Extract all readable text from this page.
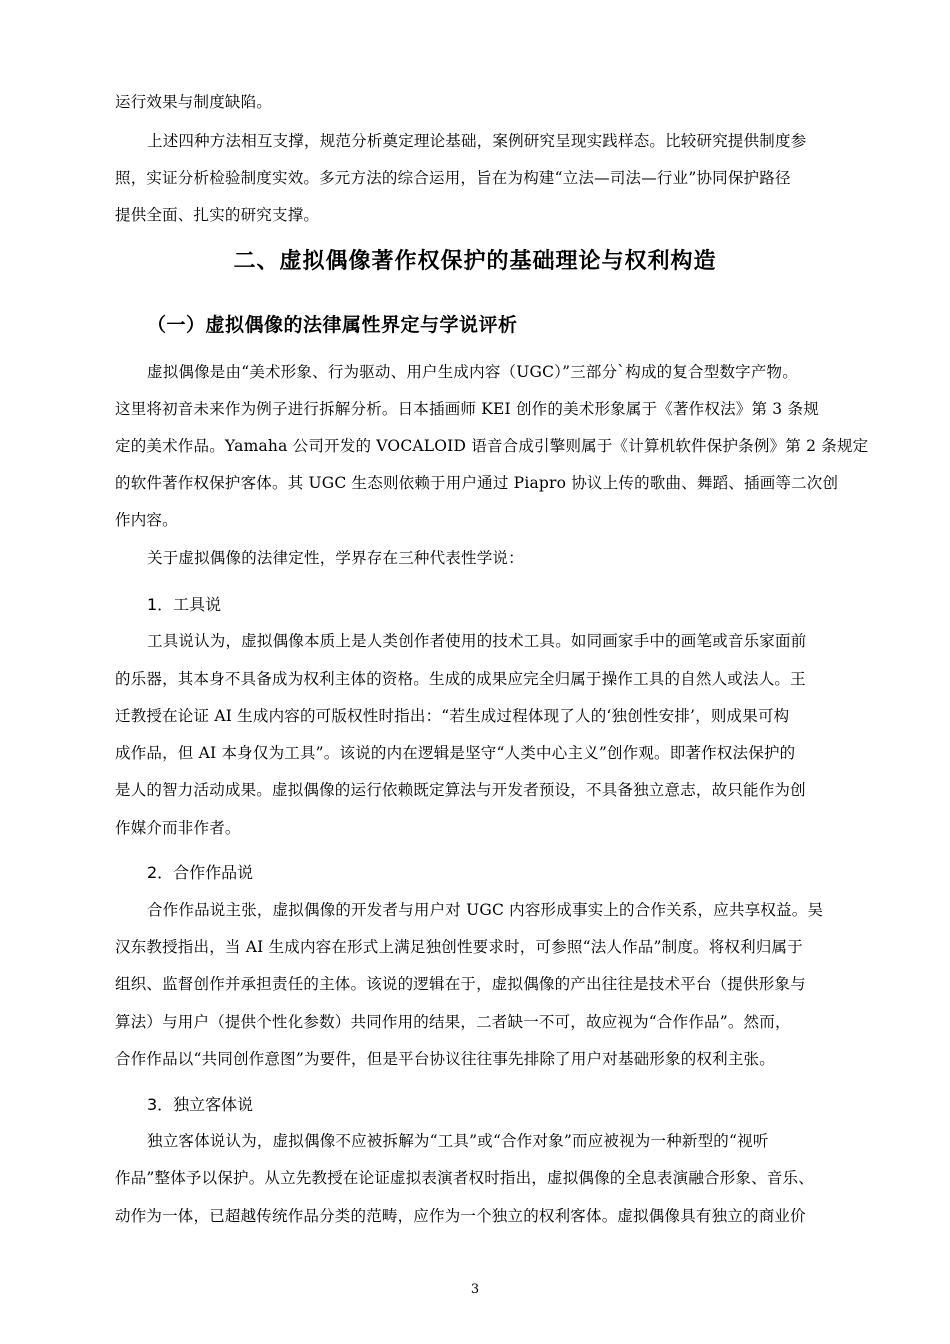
运行效果与制度缺陷。
上述四种方法相互支撑，规范分析奠定理论基础，案例研究呈现实践样态。比较研究提供制度参
照，实证分析检验制度实效。多元方法的综合运用，旨在为构建“立法—司法—行业”协同保护路径
提供全面、扎实的研究支撑。
二、虚拟偶像著作权保护的基础理论与权利构造
（一）虚拟偶像的法律属性界定与学说评析
虚拟偶像是由“美术形象、行为驱动、用户生成内容（UGC）”三部分`构成的复合型数字产物。
这里将初音未来作为例子进行拆解分析。日本插画师 KEI 创作的美术形象属于《著作权法》第 3 条规
定的美术作品。Yamaha 公司开发的 VOCALOID 语音合成引擎则属于《计算机软件保护条例》第 2 条规定
的软件著作权保护客体。其 UGC 生态则依赖于用户通过 Piapro 协议上传的歌曲、舞蹈、插画等二次创
作内容。
关于虚拟偶像的法律定性，学界存在三种代表性学说：
1．工具说
工具说认为，虚拟偶像本质上是人类创作者使用的技术工具。如同画家手中的画笔或音乐家面前
的乐器，其本身不具备成为权利主体的资格。生成的成果应完全归属于操作工具的自然人或法人。王
迁教授在论证 AI 生成内容的可版权性时指出：“若生成过程体现了人的‘独创性安排’，则成果可构
成作品，但 AI 本身仅为工具”。该说的内在逻辑是坚守“人类中心主义”创作观。即著作权法保护的
是人的智力活动成果。虚拟偶像的运行依赖既定算法与开发者预设，不具备独立意志，故只能作为创
作媒介而非作者。
2．合作作品说
合作作品说主张，虚拟偶像的开发者与用户对 UGC 内容形成事实上的合作关系，应共享权益。吴
汉东教授指出，当 AI 生成内容在形式上满足独创性要求时，可参照“法人作品”制度。将权利归属于
组织、监督创作并承担责任的主体。该说的逻辑在于，虚拟偶像的产出往往是技术平台（提供形象与
算法）与用户（提供个性化参数）共同作用的结果，二者缺一不可，故应视为“合作作品”。然而，
合作作品以“共同创作意图”为要件，但是平台协议往往事先排除了用户对基础形象的权利主张。
3．独立客体说
独立客体说认为，虚拟偶像不应被拆解为“工具”或“合作对象”而应被视为一种新型的“视听
作品”整体予以保护。从立先教授在论证虚拟表演者权时指出，虚拟偶像的全息表演融合形象、音乐、
动作为一体，已超越传统作品分类的范畴，应作为一个独立的权利客体。虚拟偶像具有独立的商业价
3
